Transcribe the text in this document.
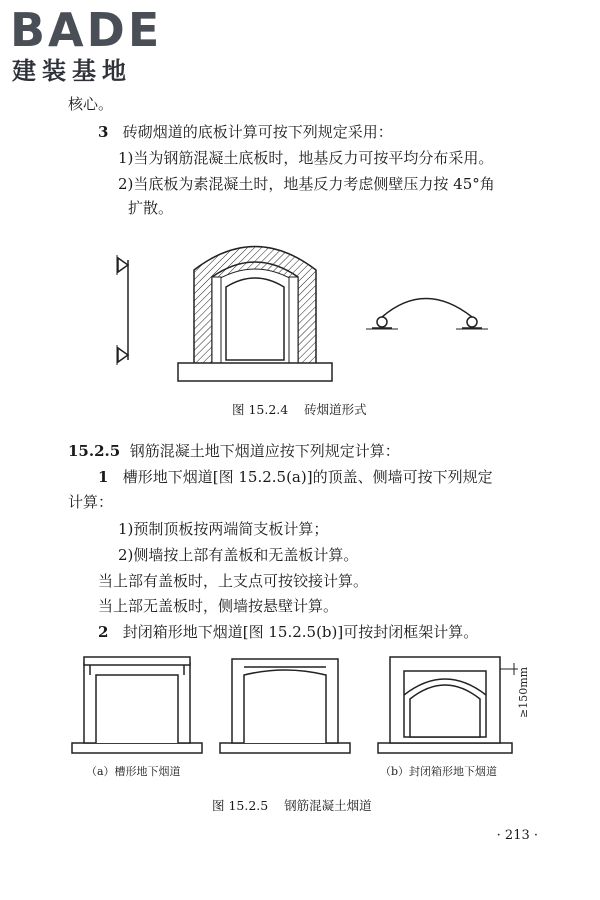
BADE
建装基地
核心。
3 砖砌烟道的底板计算可按下列规定采用：
1)当为钢筋混凝土底板时，地基反力可按平均分布采用。
2)当底板为素混凝土时，地基反力考虑侧壁压力按 45°角
扩散。
图 15.2.4 砖烟道形式
15.2.5 钢筋混凝土地下烟道应按下列规定计算：
1 槽形地下烟道[图 15.2.5(a)]的顶盖、侧墙可按下列规定
计算：
1)预制顶板按两端简支板计算；
2)侧墙按上部有盖板和无盖板计算。
当上部有盖板时，上支点可按铰接计算。
当上部无盖板时，侧墙按悬壁计算。
2 封闭箱形地下烟道[图 15.2.5(b)]可按封闭框架计算。
≥150mm
（a）槽形地下烟道	（b）封闭箱形地下烟道
图 15.2.5 钢筋混凝土烟道
· 213 ·
